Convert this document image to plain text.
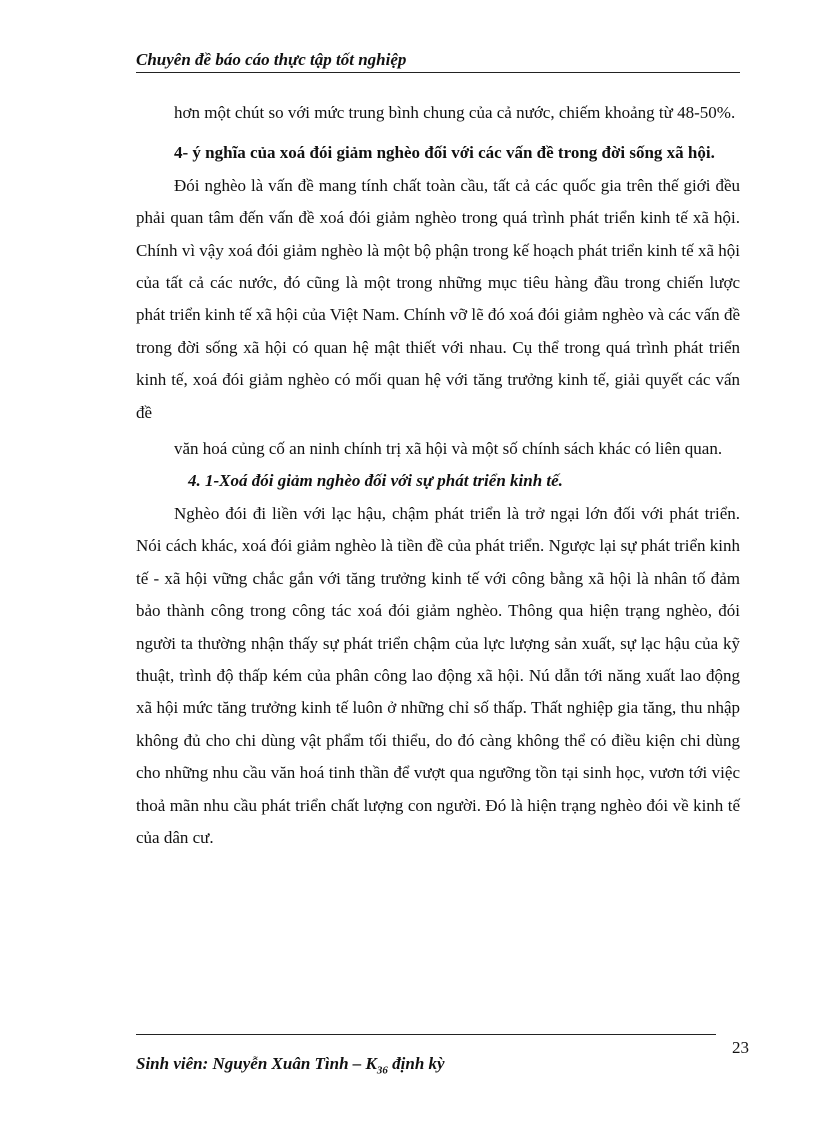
Chuyên đề báo cáo thực tập tốt nghiệp

hơn một chút so với mức trung bình chung của cả nước, chiếm khoảng từ 48-50%.

4- ý nghĩa của xoá đói giảm nghèo đối với các vấn đề trong đời sống xã hội.

Đói nghèo là vấn đề mang tính chất toàn cầu, tất cả các quốc gia trên thế giới đều phải quan tâm đến vấn đề xoá đói giảm nghèo trong quá trình phát triển kinh tế xã hội. Chính vì vậy xoá đói giảm nghèo là một bộ phận trong kế hoạch phát triển kinh tế xã hội của tất cả các nước, đó cũng là một trong những mục tiêu hàng đầu trong chiến lược phát triển kinh tế xã hội của Việt Nam. Chính vỡ lẽ đó xoá đói giảm nghèo và các vấn đề trong đời sống xã hội có quan hệ mật thiết với nhau. Cụ thể trong quá trình phát triển kinh tế, xoá đói giảm nghèo có mối quan hệ với tăng trưởng kinh tế, giải quyết các vấn đề

văn hoá củng cố an ninh chính trị xã hội và một số chính sách khác có liên quan.

4. 1-Xoá đói giảm nghèo đối với sự phát triển kinh tế.

Nghèo đói đi liền với lạc hậu, chậm phát triển là trở ngại lớn đối với phát triển. Nói cách khác, xoá đói giảm nghèo là tiền đề của phát triển. Ngược lại sự phát triển kinh tế - xã hội vững chắc gắn với tăng trưởng kinh tế với công bằng xã hội là nhân tố đảm bảo thành công trong công tác xoá đói giảm nghèo. Thông qua hiện trạng nghèo, đói người ta thường nhận thấy sự phát triển chậm của lực lượng sản xuất, sự lạc hậu của kỹ thuật, trình độ thấp kém của phân công lao động xã hội. Nú dẫn tới năng xuất lao động xã hội mức tăng trưởng kinh tế luôn ở những chỉ số thấp. Thất nghiệp gia tăng, thu nhập không đủ cho chi dùng vật phẩm tối thiểu, do đó càng không thể có điều kiện chi dùng cho những nhu cầu văn hoá tinh thần để vượt qua ngưỡng tồn tại sinh học, vươn tới việc thoả mãn nhu cầu phát triển chất lượng con người. Đó là hiện trạng nghèo đói về kinh tế của dân cư.

23
Sinh viên: Nguyễn Xuân Tình – $K_{36}$ định kỳ
